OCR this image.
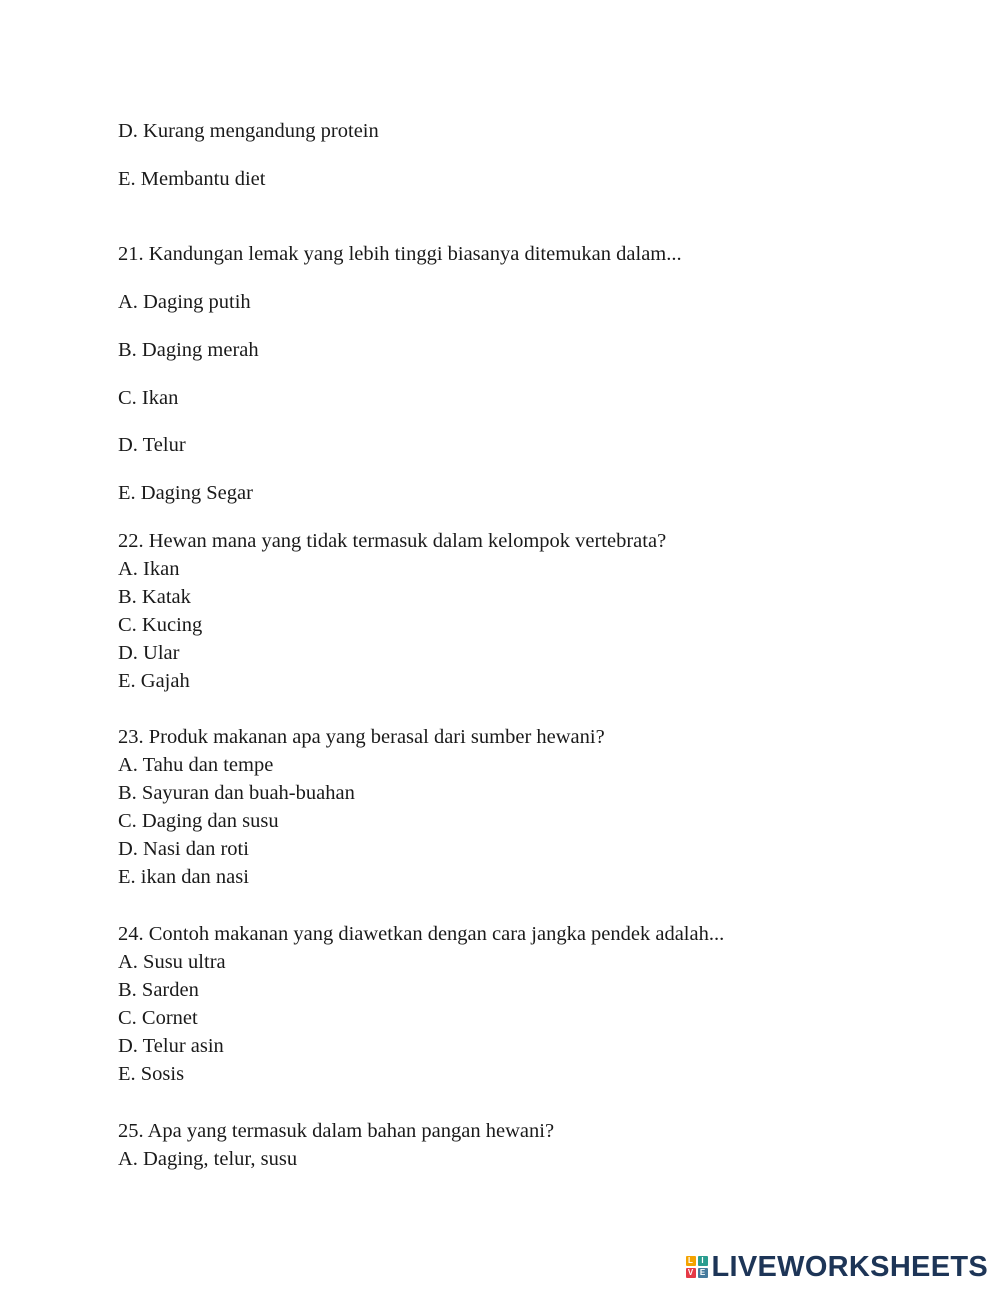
D. Kurang mengandung protein
E. Membantu diet
21. Kandungan lemak yang lebih tinggi biasanya ditemukan dalam...
A. Daging putih
B. Daging merah
C. Ikan
D. Telur
E. Daging Segar
22. Hewan mana yang tidak termasuk dalam kelompok vertebrata?
A. Ikan
B. Katak
C. Kucing
D. Ular
E. Gajah
23. Produk makanan apa yang berasal dari sumber hewani?
A. Tahu dan tempe
B. Sayuran dan buah-buahan
C. Daging dan susu
D. Nasi dan roti
E. ikan dan nasi
24. Contoh makanan yang diawetkan dengan cara jangka pendek adalah...
A. Susu ultra
B. Sarden
C. Cornet
D. Telur asin
E. Sosis
25. Apa yang termasuk dalam bahan pangan hewani?
A. Daging, telur, susu
L	I
V E LIVEWORKSHEETS
